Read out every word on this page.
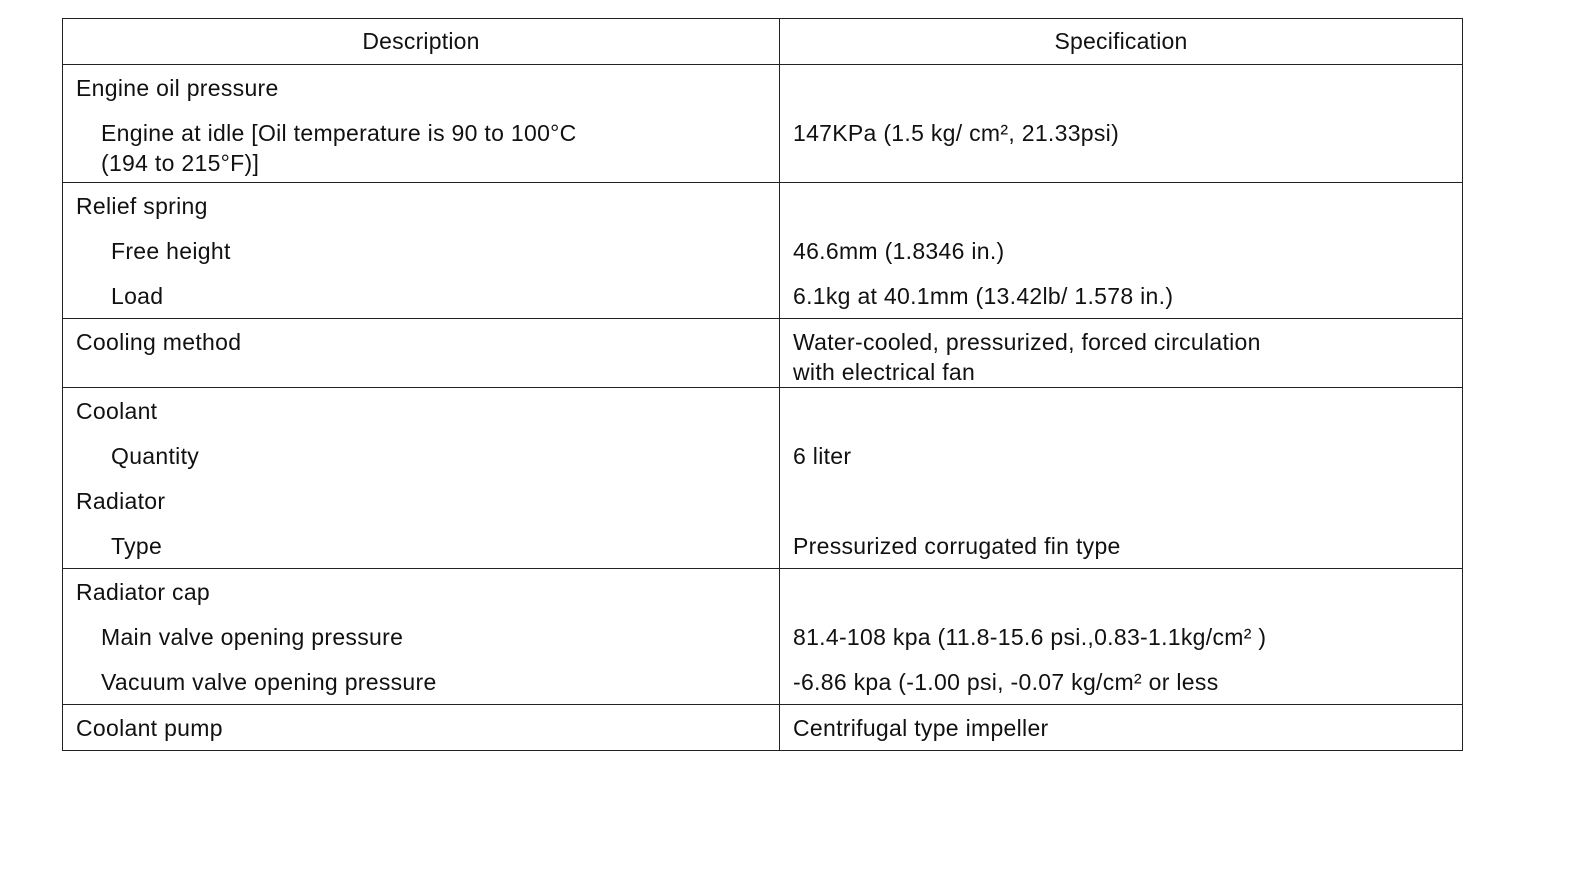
Description	Specification

Engine oil pressure	

Engine at idle [Oil temperature is 90 to 100°C
(194 to 215°F)]	147KPa (1.5 kg/ cm², 21.33psi)

Relief spring	

Free height	46.6mm (1.8346 in.)

Load	6.1kg at 40.1mm (13.42lb/ 1.578 in.)

Cooling method	Water-cooled, pressurized, forced circulation
with electrical fan

Coolant	

Quantity	6 liter

Radiator	

Type	Pressurized corrugated fin type

Radiator cap	

Main valve opening pressure	81.4-108 kpa (11.8-15.6 psi.,0.83-1.1kg/cm² )

Vacuum valve opening pressure	-6.86 kpa (-1.00 psi, -0.07 kg/cm² or less

Coolant pump	Centrifugal type impeller
